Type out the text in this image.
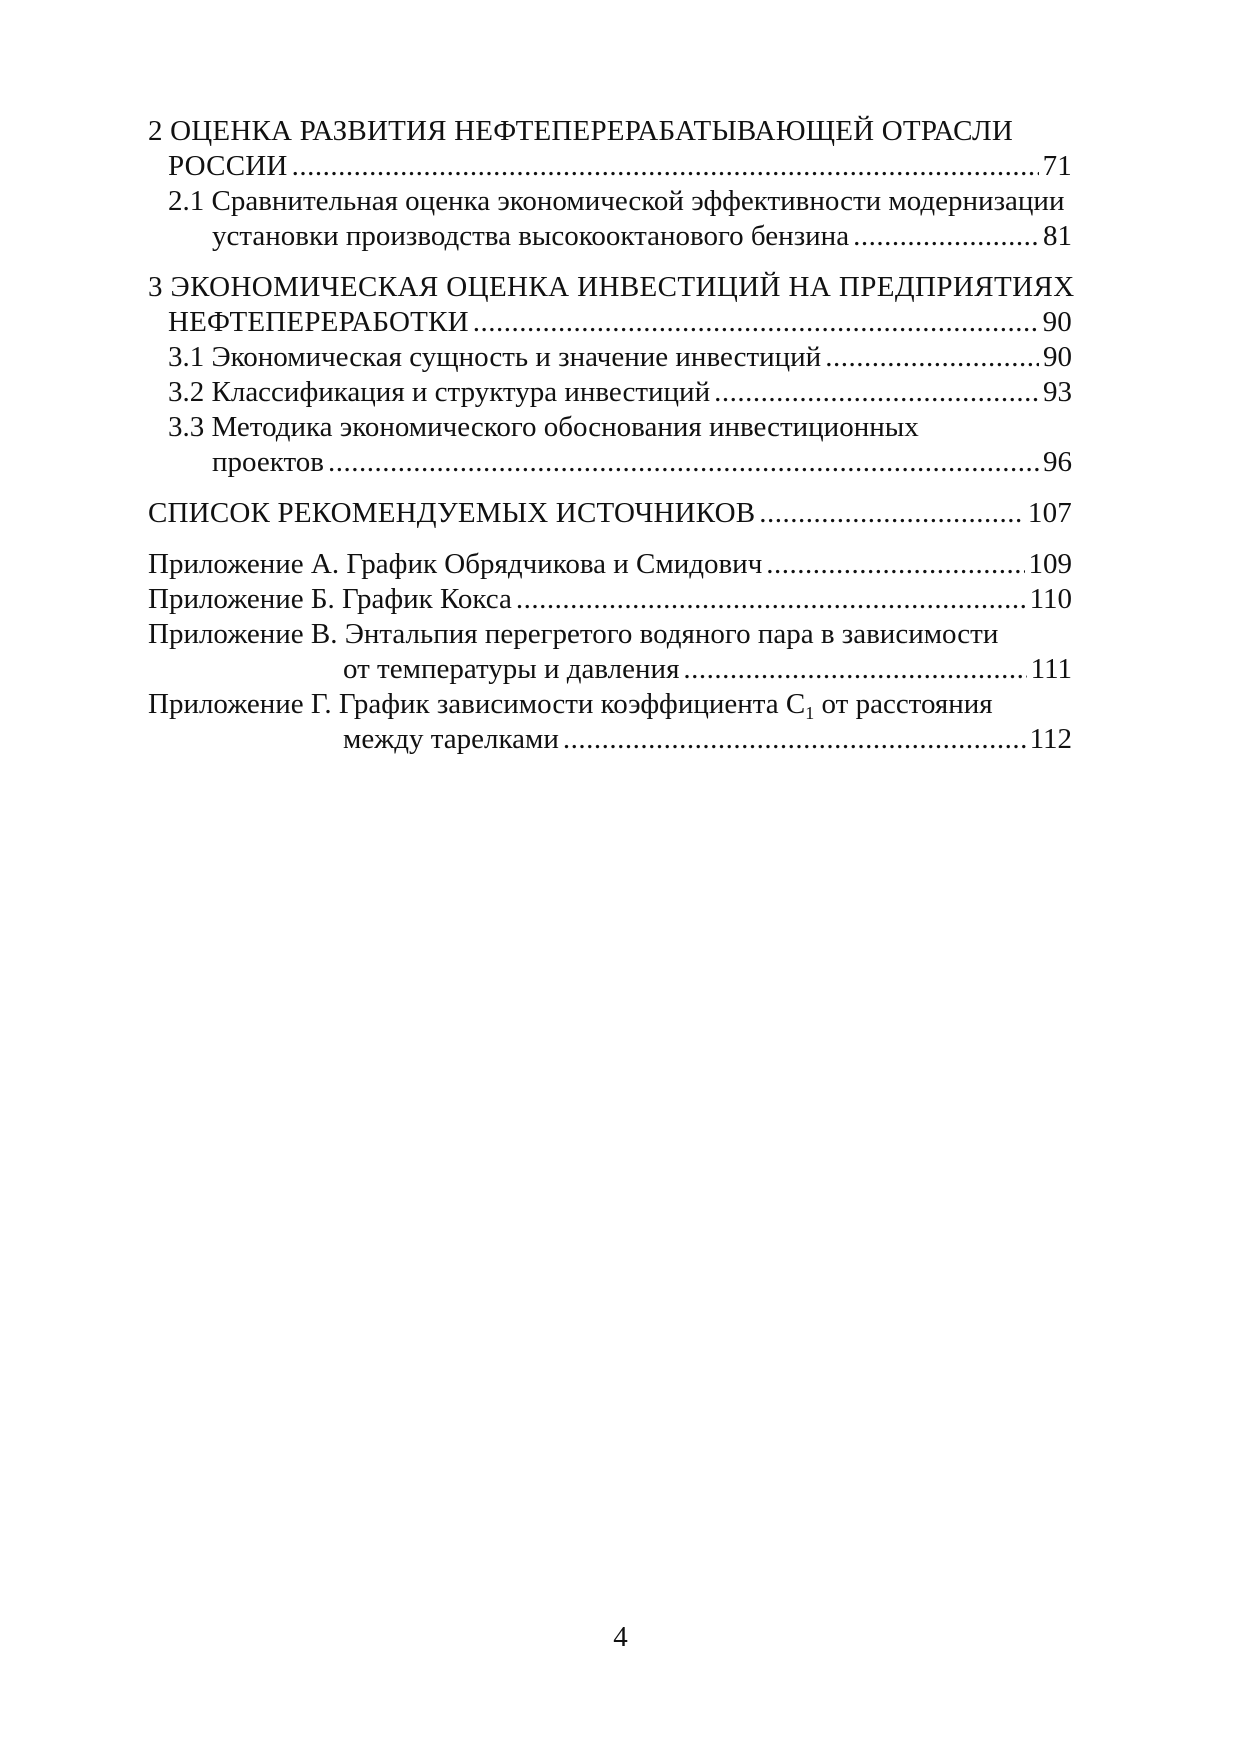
2 ОЦЕНКА РАЗВИТИЯ НЕФТЕПЕРЕРАБАТЫВАЮЩЕЙ ОТРАСЛИ
РОССИИ .....	71
2.1 Сравнительная оценка экономической эффективности модернизации
установки производства высокооктанового бензина .....	81
3 ЭКОНОМИЧЕСКАЯ ОЦЕНКА ИНВЕСТИЦИЙ НА ПРЕДПРИЯТИЯХ
НЕФТЕПЕРЕРАБОТКИ .....	90
3.1 Экономическая сущность и значение инвестиций .....	90
3.2 Классификация и структура инвестиций .....	93
3.3 Методика экономического обоснования инвестиционных
проектов .....	96
СПИСОК РЕКОМЕНДУЕМЫХ ИСТОЧНИКОВ .....	107
Приложение А. График Обрядчикова и Смидович .....	109
Приложение Б. График Кокса .....	110
Приложение В. Энтальпия перегретого водяного пара в зависимости
от температуры и давления .....	111
Приложение Г. График зависимости коэффициента $С_1$ от расстояния
между тарелками .....	112
4
